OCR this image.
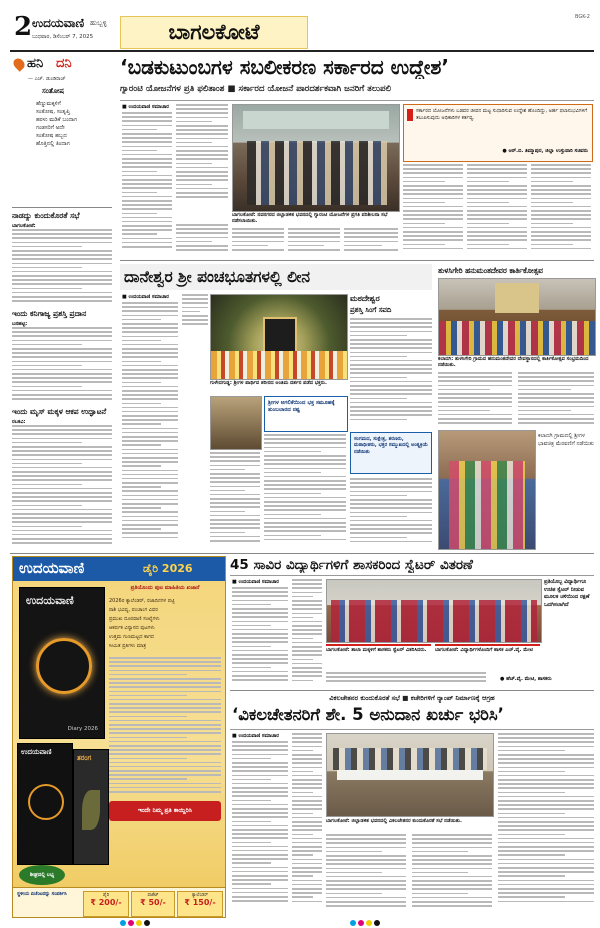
2 ಉದಯವಾಣಿ ಹುಬ್ಬಳ್ಳಿ
ಬುಧವಾರ, ಡಿಸೆಂಬರ್ 7, 2025	ಬಾಗಲಕೋಟೆ
BGK-2
ಹನಿ ದನಿ
— ಎಚ್‌. ಡುಂಡಿರಾಜ್
ಸಂತೋಷ
ಹೆಣ್ಣುಮಕ್ಕಳಿಗೆ
ಸಂತೋಷ, ಸಂತೃಪ್ತಿ
ಹರಳು ಮಡಿಕೆ ಬಂದಾಗ
ಗಂಡಸರಿಗೆ ಅದೇ
ಸಂತೋಷ ಹಬ್ಬದ
ಹೊತ್ತಿನಲ್ಲಿ ತಿಂದಾಗ
ನಾಡದ್ಯು ಕುಂದುಕೊರತೆ ಸಭೆ
ಬಾಗಲಕೋಟೆ:
ಇಂದು ಕನಿಗಾಜ್ಯ ಪ್ರಶಸ್ತಿ ಪ್ರದಾನ
ಬನಹಟ್ಟಿ:
ಇಂದು ಮೃಸ್ ಮಕ್ಕಳ ಆಕಪ ಉದ್ಘಾಟನೆ
ರಬಕವಿ:
‘ಬಡಕುಟುಂಬಗಳ ಸಬಲೀಕರಣ ಸರ್ಕಾರದ ಉದ್ದೇಶ’
ಗ್ಯಾರಂಟಿ ಯೋಜನೆಗಳ ಪ್ರತಿ ಫಲಿತಾಂಶ ■ ಸರ್ಕಾರದ ಯೋಜನೆ ಪಾರದರ್ಶಕವಾಗಿ ಜನರಿಗೆ ತಲುಪಲಿ
■ ಉದಯವಾಣಿ ಸಮಾಚಾರ
ಬಾಗಲಕೋಟೆ: ನವನಗರದ ಜಿಲ್ಲಾಡಳಿತ ಭವನದಲ್ಲಿ ಗ್ಯಾರಂಟಿ ಯೋಜನೆಗಳ ಪ್ರಗತಿ ಪರಿಶೀಲನಾ ಸಭೆ ನಡೆಸಲಾಯಿತು.
ಸರ್ಕಾರದ ಯೋಜನೆಗಳು ಬಡವರ ಜೀವನ ಮಟ್ಟ ಸುಧಾರಿಸುವ ಉದ್ದೇಶ ಹೊಂದಿದ್ದು, ಅರ್ಹ ಫಲಾನುಭವಿಗಳಿಗೆ ತಲುಪಿಸುವುದು ಅಧಿಕಾರಿಗಳ ಕರ್ತವ್ಯ.
● ಆರ್‌.ಬಿ. ತಿಮ್ಮಾಪುರ, ಜಿಲ್ಲಾ ಉಸ್ತುವಾರಿ ಸಚಿವರು
ದಾನೇಶ್ವರ ಶ್ರೀ ಪಂಚಭೂತಗಳಲ್ಲಿ ಲೀನ
■ ಉದಯವಾಣಿ ಸಮಾಚಾರ
ಗುಳೇದಗುಡ್ಡ: ಶ್ರೀಗಳ ಪಾರ್ಥಿವ ಶರೀರದ ಅಂತಿಮ ದರ್ಶನ ಪಡೆದ ಭಕ್ತರು.
ಶ್ರೀಗಳ ಅಗಲಿಕೆಯಿಂದ ಭಕ್ತ ಸಮೂಹಕ್ಕೆ ತುಂಬಲಾರದ ನಷ್ಟ
ಮಠದೇಶ್ವರ
ಪ್ರಶಸ್ತಿ ಸಿಂಗೆ ಸವದಿ
ಸಂಗಮದ, ಸುಕ್ಷೇತ್ರ, ಶರಣರು, ಮಠಾಧೀಶರು, ಭಕ್ತರ ಸಮ್ಮುಖದಲ್ಲಿ ಅಂತ್ಯಕ್ರಿಯೆ ನಡೆಯಿತು
ತುಳಸಿಗೇರಿ ಹನುಮಂತದೇವರ ಕಾರ್ತಿಕೋತ್ಸವ
ಕಲಾದಗಿ: ತುಳಸಿಗೇರಿ ಗ್ರಾಮದ ಹನುಮಂತದೇವರ ದೇವಸ್ಥಾನದಲ್ಲಿ ಕಾರ್ತಿಕೋತ್ಸವ ಸಂಭ್ರಮದಿಂದ ನಡೆಯಿತು.
ಕಲಾದಗಿ ಗ್ರಾಮದಲ್ಲಿ ಶ್ರೀಗಳ ಭಾವಚಿತ್ರ ಮೆರವಣಿಗೆ ನಡೆಯಿತು
ಉದಯವಾಣಿ	ಡೈರಿ 2026
ಪ್ರತಿಯೊಂದು ಪುಟ ಮಾಹಿತಿಯ ಖಜಾನೆ
ಉದಯವಾಣಿ
Diary 2026
2026ರ ಕ್ಯಾಲೆಂಡರ್, ರಜಾದಿನಗಳ ಪಟ್ಟಿ
ರಾಶಿ ಭವಿಷ್ಯ, ಪಂಚಾಂಗ ವಿವರ
ಪ್ರಮುಖ ದೂರವಾಣಿ ಸಂಖ್ಯೆಗಳು
ಆಕರ್ಷಕ ವಿನ್ಯಾಸದ ಪುಟಗಳು
ಉತ್ತಮ ಗುಣಮಟ್ಟದ ಕಾಗದ
ಸೀಮಿತ ಪ್ರತಿಗಳು ಮಾತ್ರ
ಉದಯವಾಣಿ
ತರಂಗ
ಇಂದೇ ನಿಮ್ಮ ಪ್ರತಿ ಕಾಯ್ದಿರಿಸಿ
ಶೀಘ್ರದಲ್ಲಿ ಲಭ್ಯ
ಸ್ಥಳೀಯ ಏಜೆಂಟರನ್ನು ಸಂಪರ್ಕಿಸಿ	ಡೈರಿ
₹ 200/-
ಪಾಕೆಟ್
₹ 50/-
ಕ್ಯಾಲೆಂಡರ್
₹ 150/-
45 ಸಾವಿರ ವಿದ್ಯಾರ್ಥಿಗಳಿಗೆ ಶಾಸಕರಿಂದ ಸ್ವೆಟರ್ ವಿತರಣೆ
■ ಉದಯವಾಣಿ ಸಮಾಚಾರ
ಬಾಗಲಕೋಟೆ: ಶಾಲಾ ಮಕ್ಕಳಿಗೆ ಶಾಸಕರು ಸ್ವೆಟರ್ ವಿತರಿಸಿದರು.	ಬಾಗಲಕೋಟೆ: ವಿದ್ಯಾರ್ಥಿಗಳೊಂದಿಗೆ ಶಾಸಕ ಎಚ್‌.ವೈ. ಮೇಟಿ
ಪ್ರತಿಯೊಬ್ಬ ವಿದ್ಯಾರ್ಥಿಗೂ ಉಚಿತ ಸ್ವೆಟರ್ ನೀಡುವ ಮೂಲಕ ಚಳಿಯಿಂದ ರಕ್ಷಣೆ ಒದಗಿಸಲಾಗಿದೆ
● ಹೆಚ್‌.ವೈ. ಮೇಟಿ, ಶಾಸಕರು
ವಿಕಲಚೇತನರ ಕುಂದುಕೊರತೆ ಸಭೆ ■ ಕಚೇರಿಗಳಿಗೆ ರ‍್ಯಾಂಪ್ ನಿರ್ಮಾಣಕ್ಕೆ ಆಗ್ರಹ
‘ವಿಕಲಚೇತನರಿಗೆ ಶೇ. 5 ಅನುದಾನ ಖರ್ಚು ಭರಿಸಿ’
■ ಉದಯವಾಣಿ ಸಮಾಚಾರ
ಬಾಗಲಕೋಟೆ: ಜಿಲ್ಲಾಡಳಿತ ಭವನದಲ್ಲಿ ವಿಕಲಚೇತನರ ಕುಂದುಕೊರತೆ ಸಭೆ ನಡೆಯಿತು.
